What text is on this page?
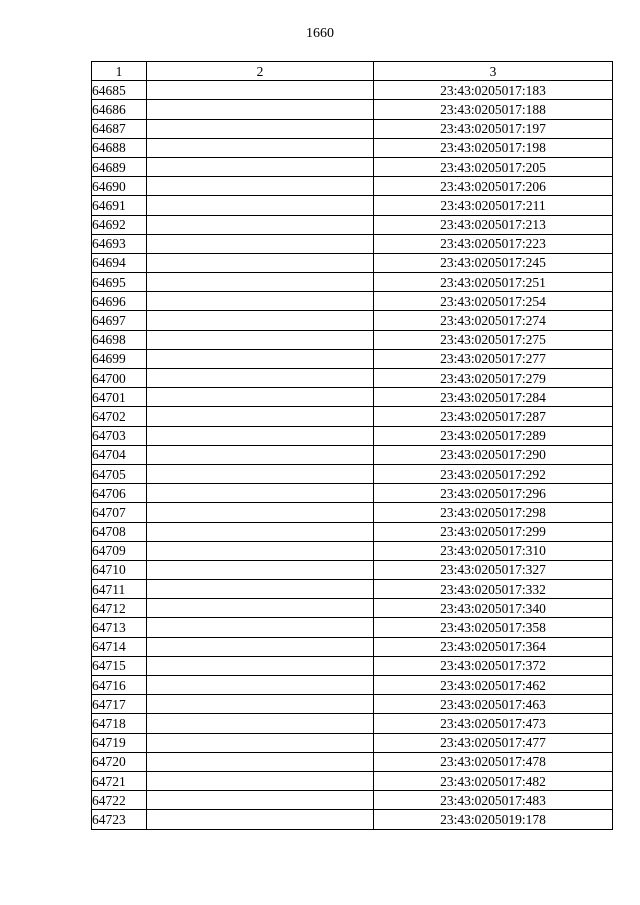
1660
1	2	3
64685		23:43:0205017:183
64686		23:43:0205017:188
64687		23:43:0205017:197
64688		23:43:0205017:198
64689		23:43:0205017:205
64690		23:43:0205017:206
64691		23:43:0205017:211
64692		23:43:0205017:213
64693		23:43:0205017:223
64694		23:43:0205017:245
64695		23:43:0205017:251
64696		23:43:0205017:254
64697		23:43:0205017:274
64698		23:43:0205017:275
64699		23:43:0205017:277
64700		23:43:0205017:279
64701		23:43:0205017:284
64702		23:43:0205017:287
64703		23:43:0205017:289
64704		23:43:0205017:290
64705		23:43:0205017:292
64706		23:43:0205017:296
64707		23:43:0205017:298
64708		23:43:0205017:299
64709		23:43:0205017:310
64710		23:43:0205017:327
64711		23:43:0205017:332
64712		23:43:0205017:340
64713		23:43:0205017:358
64714		23:43:0205017:364
64715		23:43:0205017:372
64716		23:43:0205017:462
64717		23:43:0205017:463
64718		23:43:0205017:473
64719		23:43:0205017:477
64720		23:43:0205017:478
64721		23:43:0205017:482
64722		23:43:0205017:483
64723		23:43:0205019:178
